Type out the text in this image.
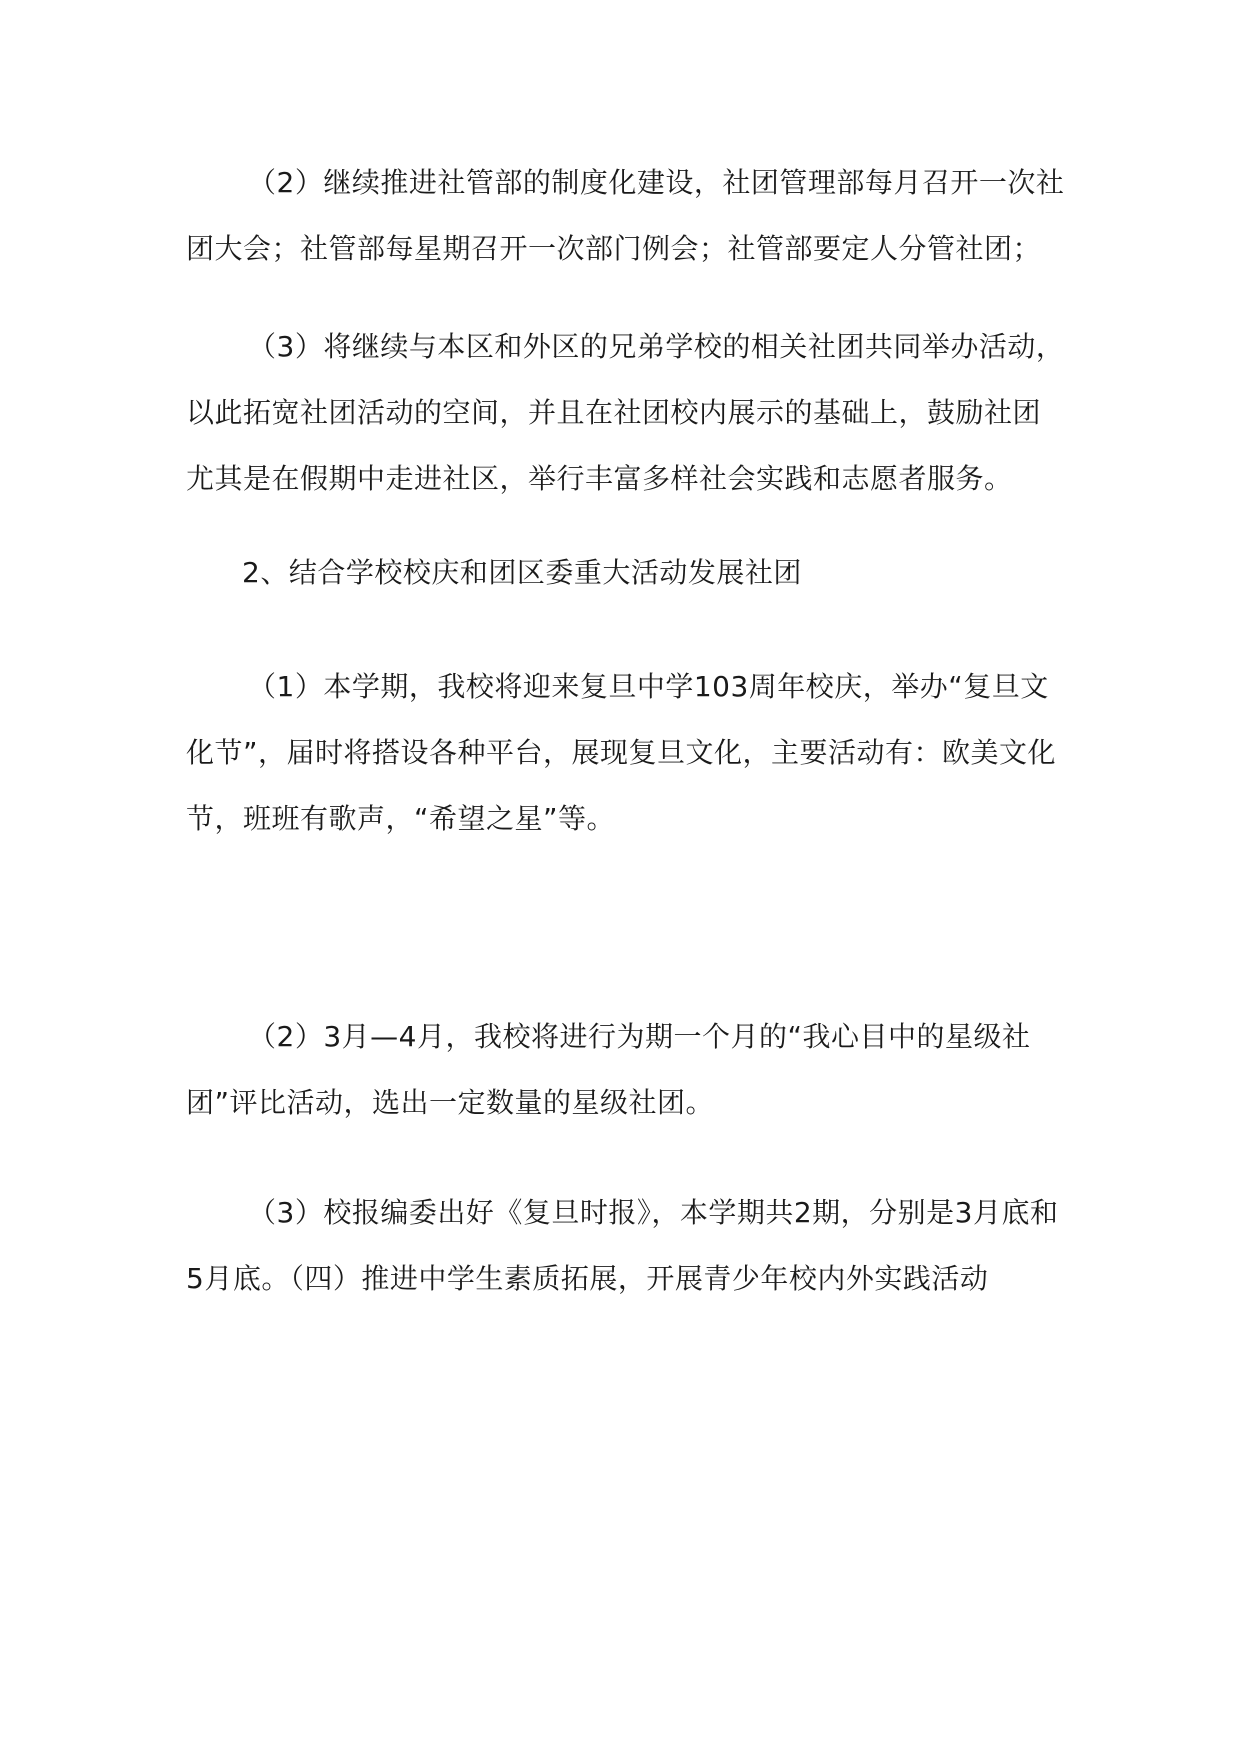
（2）继续推进社管部的制度化建设，社团管理部每月召开一次社团大会；社管部每星期召开一次部门例会；社管部要定人分管社团；

（3）将继续与本区和外区的兄弟学校的相关社团共同举办活动，以此拓宽社团活动的空间，并且在社团校内展示的基础上，鼓励社团尤其是在假期中走进社区，举行丰富多样社会实践和志愿者服务。

2、结合学校校庆和团区委重大活动发展社团

（1）本学期，我校将迎来复旦中学103周年校庆，举办“复旦文化节”，届时将搭设各种平台，展现复旦文化，主要活动有：欧美文化节，班班有歌声，“希望之星”等。

（2）3月—4月，我校将进行为期一个月的“我心目中的星级社团”评比活动，选出一定数量的星级社团。

（3）校报编委出好《复旦时报》，本学期共2期，分别是3月底和5月底。（四）推进中学生素质拓展，开展青少年校内外实践活动
